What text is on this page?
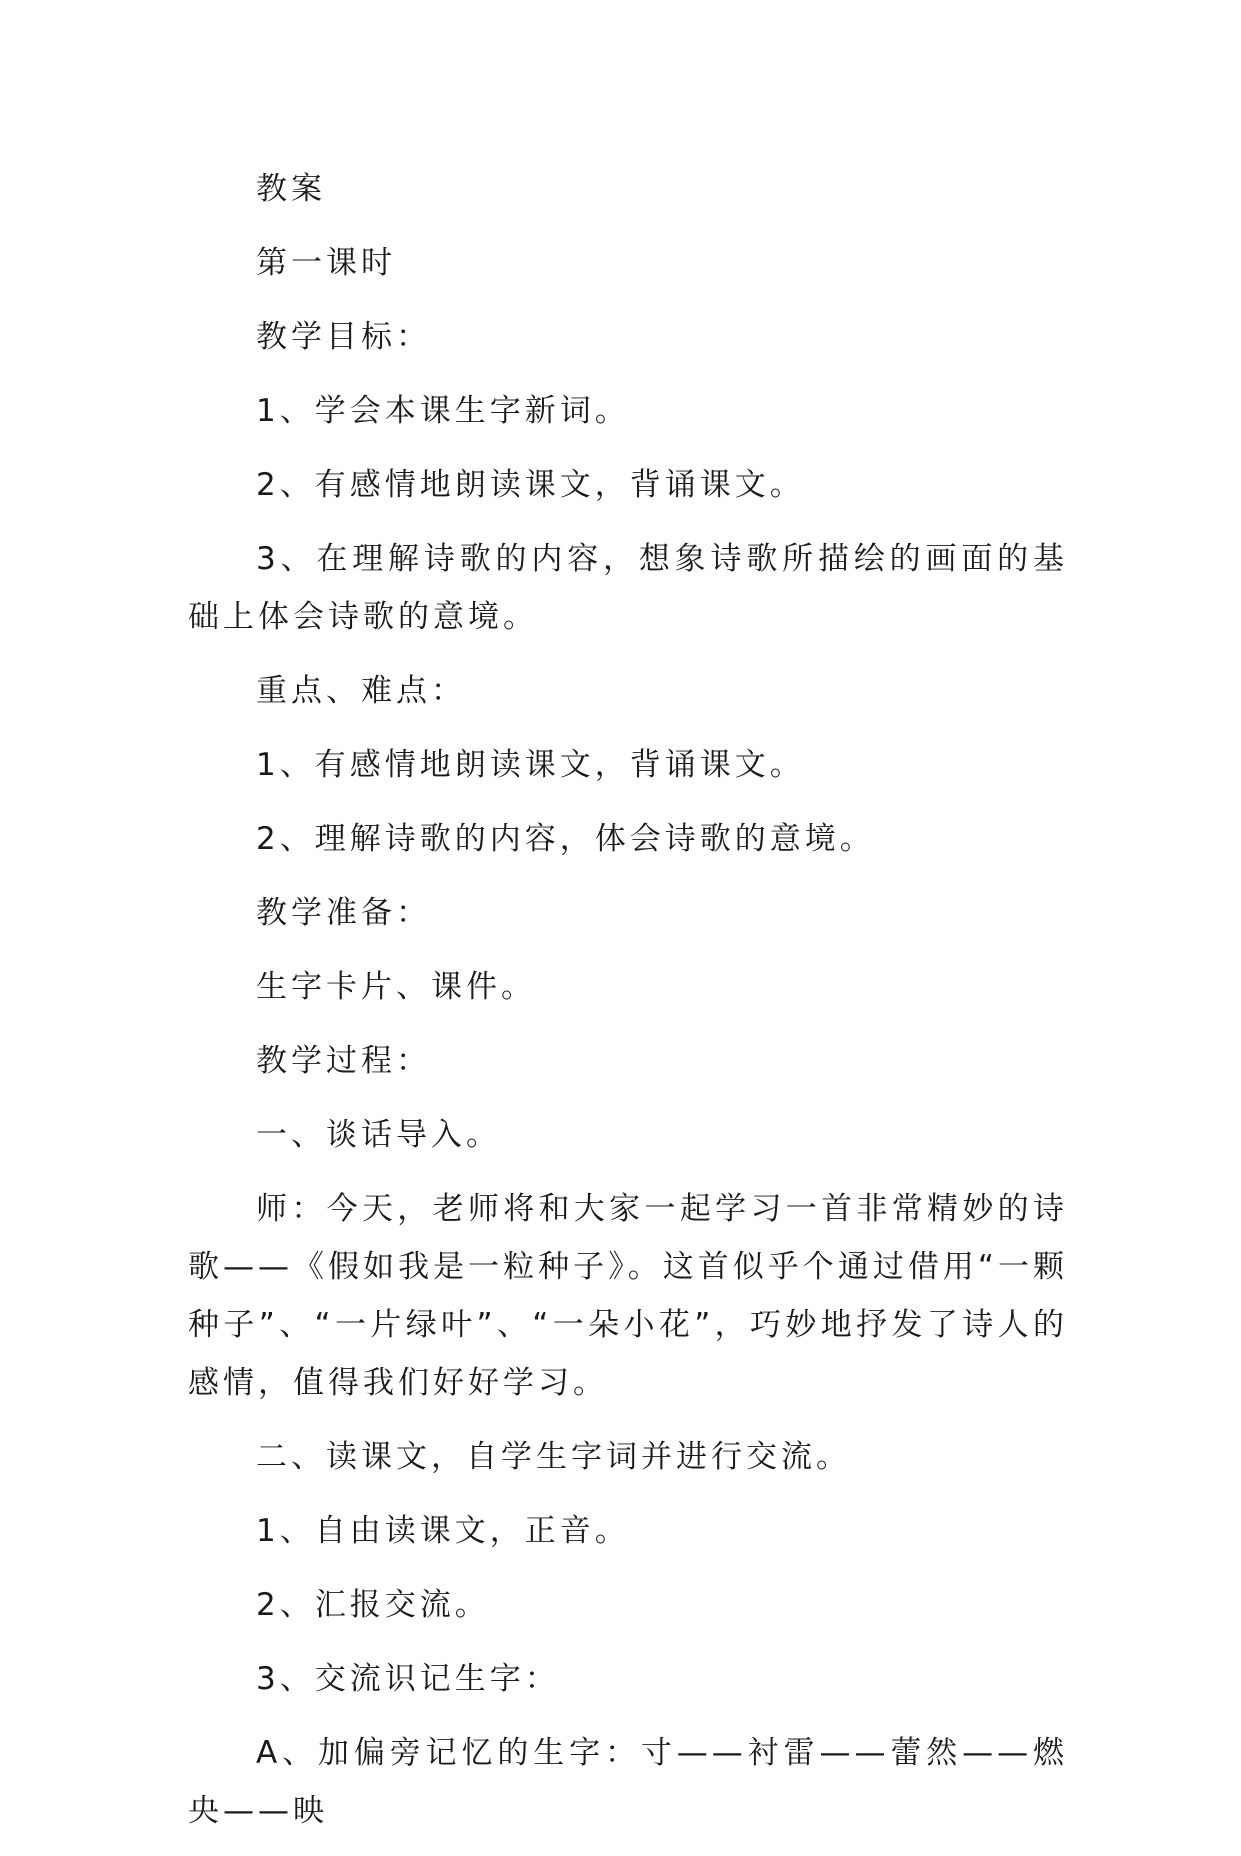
教案

第一课时

教学目标：

1、学会本课生字新词。

2、有感情地朗读课文，背诵课文。

3、在理解诗歌的内容，想象诗歌所描绘的画面的基础上体会诗歌的意境。

重点、难点：

1、有感情地朗读课文，背诵课文。

2、理解诗歌的内容，体会诗歌的意境。

教学准备：

生字卡片、课件。

教学过程：

一、谈话导入。

师：今天，老师将和大家一起学习一首非常精妙的诗歌——《假如我是一粒种子》。这首似乎个通过借用“一颗种子”、“一片绿叶”、“一朵小花”，巧妙地抒发了诗人的感情，值得我们好好学习。

二、读课文，自学生字词并进行交流。

1、自由读课文，正音。

2、汇报交流。

3、交流识记生字：

A、加偏旁记忆的生字：寸——衬雷——蕾然——燃央——映
